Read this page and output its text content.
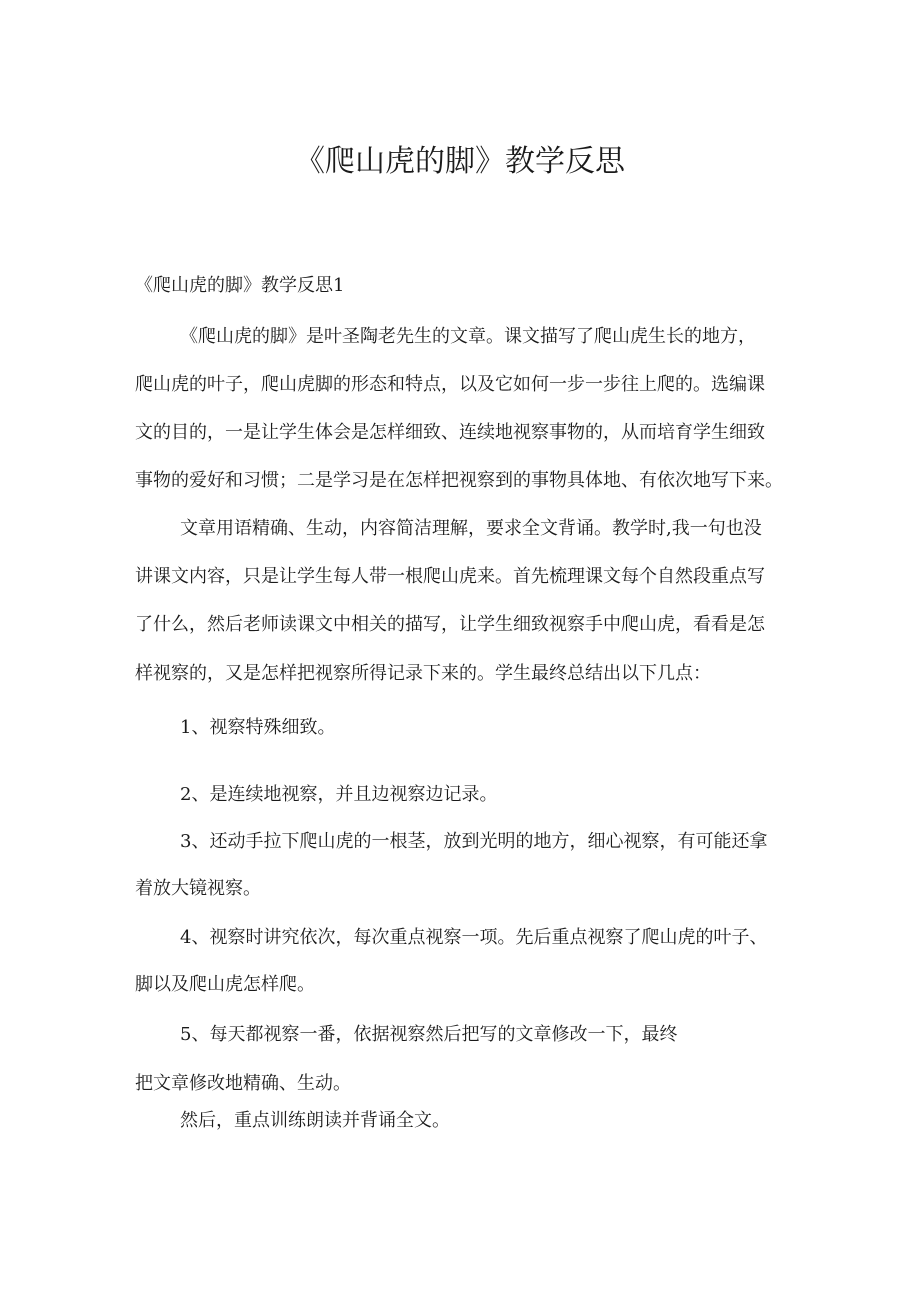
《爬山虎的脚》教学反思
《爬山虎的脚》教学反思1
《爬山虎的脚》是叶圣陶老先生的文章。课文描写了爬山虎生长的地方，
爬山虎的叶子，爬山虎脚的形态和特点，以及它如何一步一步往上爬的。选编课
文的目的，一是让学生体会是怎样细致、连续地视察事物的，从而培育学生细致
事物的爱好和习惯；二是学习是在怎样把视察到的事物具体地、有依次地写下来。
文章用语精确、生动，内容简洁理解，要求全文背诵。教学时,我一句也没
讲课文内容，只是让学生每人带一根爬山虎来。首先梳理课文每个自然段重点写
了什么，然后老师读课文中相关的描写，让学生细致视察手中爬山虎，看看是怎
样视察的，又是怎样把视察所得记录下来的。学生最终总结出以下几点：
1、视察特殊细致。
2、是连续地视察，并且边视察边记录。
3、还动手拉下爬山虎的一根茎，放到光明的地方，细心视察，有可能还拿
着放大镜视察。
4、视察时讲究依次，每次重点视察一项。先后重点视察了爬山虎的叶子、
脚以及爬山虎怎样爬。
5、每天都视察一番，依据视察然后把写的文章修改一下，最终
把文章修改地精确、生动。
然后，重点训练朗读并背诵全文。
